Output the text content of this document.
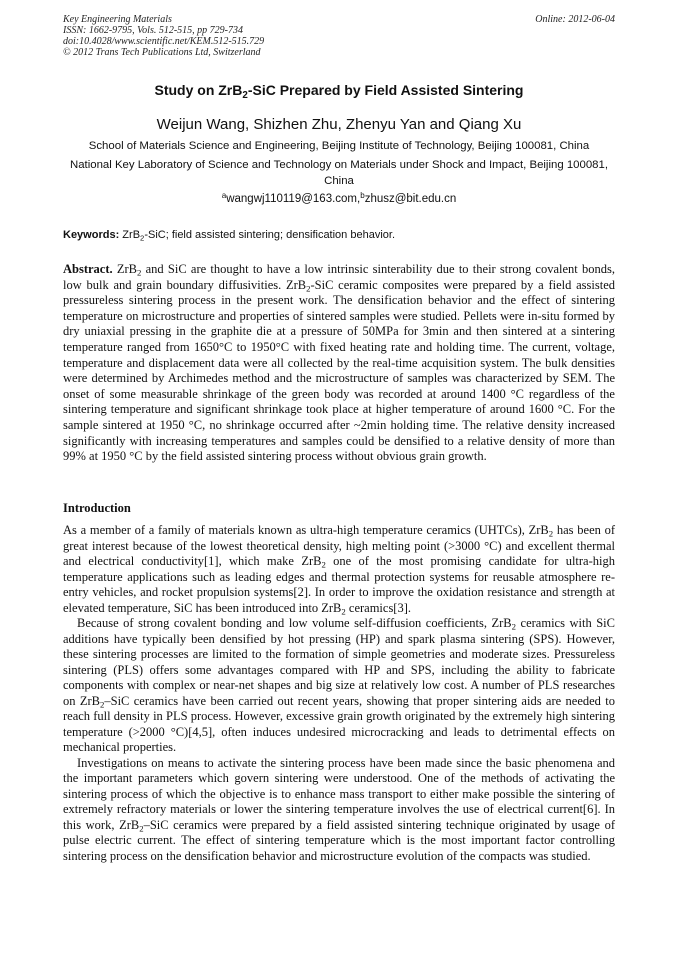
Key Engineering Materials
ISSN: 1662-9795, Vols. 512-515, pp 729-734
doi:10.4028/www.scientific.net/KEM.512-515.729
© 2012 Trans Tech Publications Ltd, Switzerland
Online: 2012-06-04
Study on ZrB$_2$-SiC Prepared by Field Assisted Sintering
Weijun Wang, Shizhen Zhu, Zhenyu Yan and Qiang Xu
School of Materials Science and Engineering, Beijing Institute of Technology, Beijing 100081, China
National Key Laboratory of Science and Technology on Materials under Shock and Impact, Beijing 100081, China
$^a$wangwj110119@163.com,$^b$zhusz@bit.edu.cn
Keywords: ZrB$_2$-SiC; field assisted sintering; densification behavior.
Abstract. ZrB$_2$ and SiC are thought to have a low intrinsic sinterability due to their strong covalent bonds, low bulk and grain boundary diffusivities. ZrB$_2$-SiC ceramic composites were prepared by a field assisted pressureless sintering process in the present work. The densification behavior and the effect of sintering temperature on microstructure and properties of sintered samples were studied. Pellets were in-situ formed by dry uniaxial pressing in the graphite die at a pressure of 50MPa for 3min and then sintered at a sintering temperature ranged from 1650°C to 1950°C with fixed heating rate and holding time. The current, voltage, temperature and displacement data were all collected by the real-time acquisition system. The bulk densities were determined by Archimedes method and the microstructure of samples was characterized by SEM. The onset of some measurable shrinkage of the green body was recorded at around 1400 °C regardless of the sintering temperature and significant shrinkage took place at higher temperature of around 1600 °C. For the sample sintered at 1950 °C, no shrinkage occurred after ~2min holding time. The relative density increased significantly with increasing temperatures and samples could be densified to a relative density of more than 99% at 1950 °C by the field assisted sintering process without obvious grain growth.
Introduction

As a member of a family of materials known as ultra-high temperature ceramics (UHTCs), ZrB$_2$ has been of great interest because of the lowest theoretical density, high melting point (>3000 °C) and excellent thermal and electrical conductivity[1], which make ZrB$_2$ one of the most promising candidate for ultra-high temperature applications such as leading edges and thermal protection systems for reusable atmosphere re-entry vehicles, and rocket propulsion systems[2]. In order to improve the oxidation resistance and strength at elevated temperature, SiC has been introduced into ZrB$_2$ ceramics[3].

Because of strong covalent bonding and low volume self-diffusion coefficients, ZrB$_2$ ceramics with SiC additions have typically been densified by hot pressing (HP) and spark plasma sintering (SPS). However, these sintering processes are limited to the formation of simple geometries and moderate sizes. Pressureless sintering (PLS) offers some advantages compared with HP and SPS, including the ability to fabricate components with complex or near-net shapes and big size at relatively low cost. A number of PLS researches on ZrB$_2$–SiC ceramics have been carried out recent years, showing that proper sintering aids are needed to reach full density in PLS process. However, excessive grain growth originated by the extremely high sintering temperature (>2000 °C)[4,5], often induces undesired microcracking and leads to detrimental effects on mechanical properties.

Investigations on means to activate the sintering process have been made since the basic phenomena and the important parameters which govern sintering were understood. One of the methods of activating the sintering process of which the objective is to enhance mass transport to either make possible the sintering of extremely refractory materials or lower the sintering temperature involves the use of electrical current[6]. In this work, ZrB$_2$–SiC ceramics were prepared by a field assisted sintering technique originated by usage of pulse electric current. The effect of sintering temperature which is the most important factor controlling sintering process on the densification behavior and microstructure evolution of the compacts was studied.
